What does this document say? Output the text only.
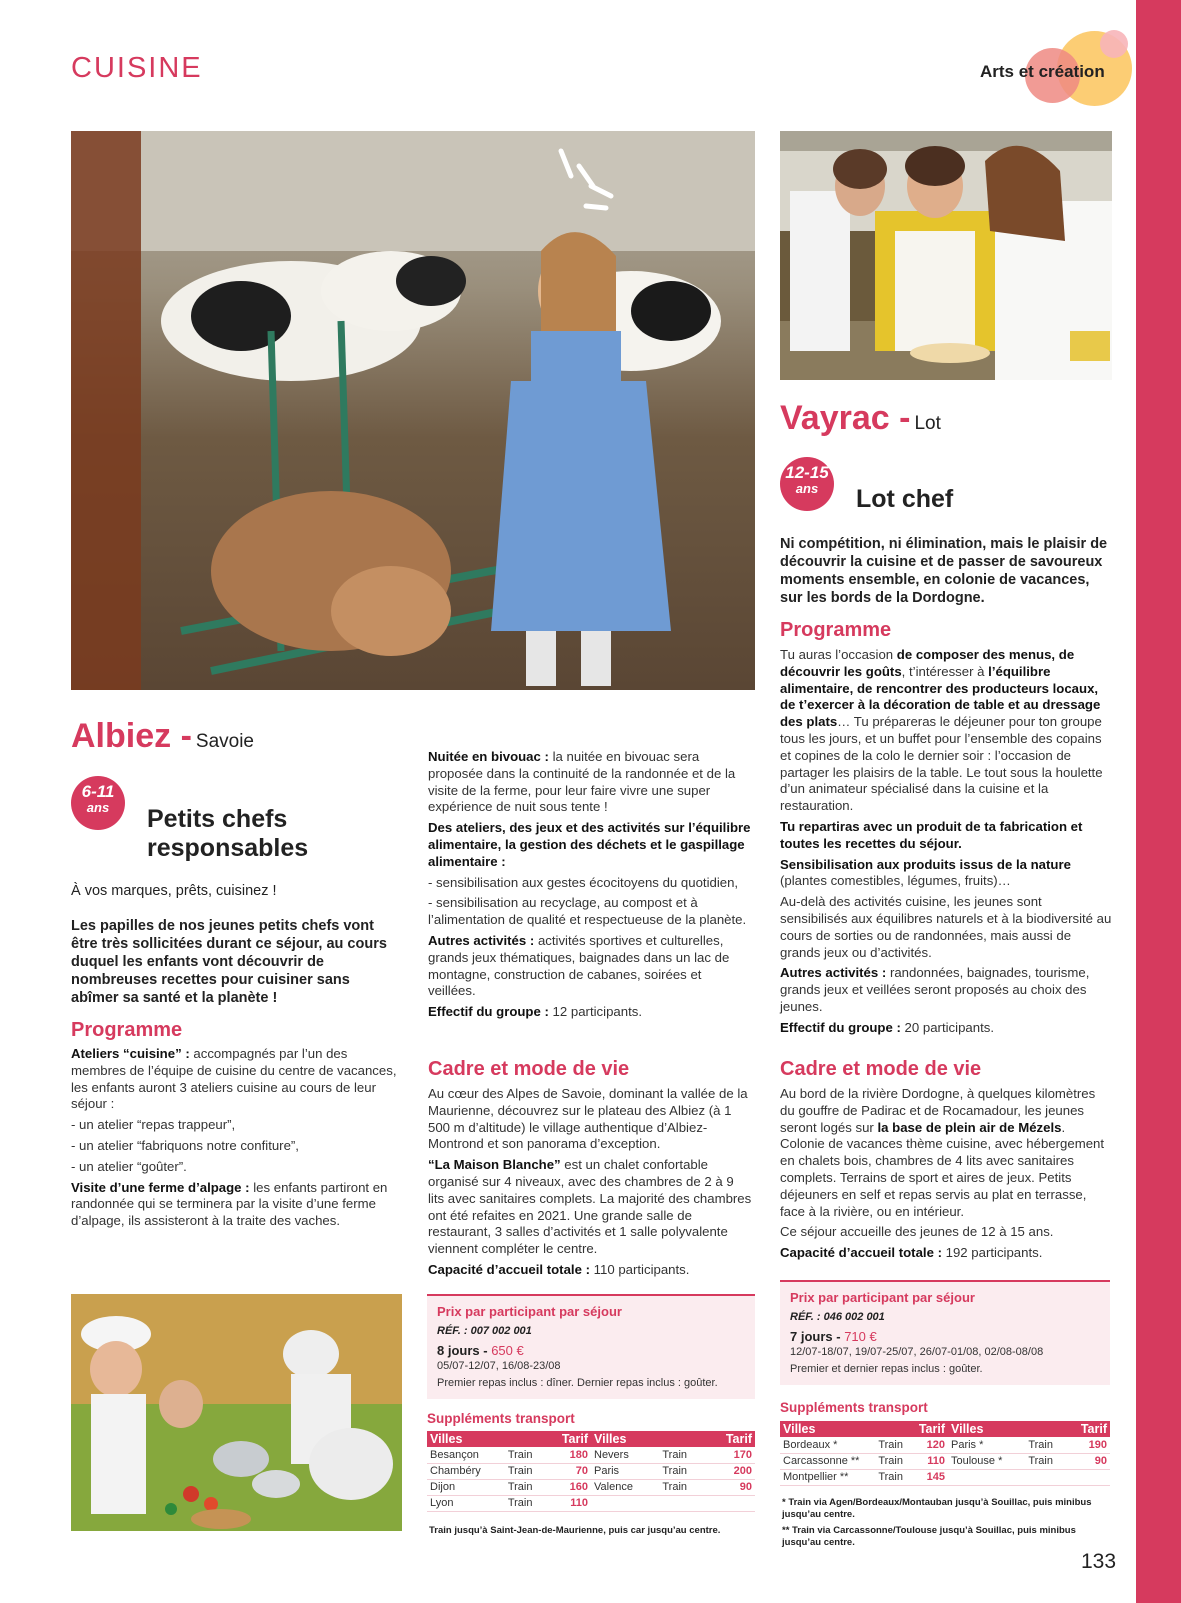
CUISINE	Arts et création
Albiez - Savoie
6-11
ans	Petits chefs
responsables
À vos marques, prêts, cuisinez !
Les papilles de nos jeunes petits chefs vont être très sollicitées durant ce séjour, au cours duquel les enfants vont découvrir de nombreuses recettes pour cuisiner sans abîmer sa santé et la planète !
Programme

Ateliers “cuisine” : accompagnés par l’un des membres de l’équipe de cuisine du centre de vacances, les enfants auront 3 ateliers cuisine au cours de leur séjour :

- un atelier “repas trappeur”,

- un atelier “fabriquons notre confiture”,

- un atelier “goûter”.

Visite d’une ferme d’alpage : les enfants partiront en randonnée qui se terminera par la visite d’une ferme d’alpage, ils assisteront à la traite des vaches.

Nuitée en bivouac : la nuitée en bivouac sera proposée dans la continuité de la randonnée et de la visite de la ferme, pour leur faire vivre une super expérience de nuit sous tente !

Des ateliers, des jeux et des activités sur l’équilibre alimentaire, la gestion des déchets et le gaspillage alimentaire :

- sensibilisation aux gestes écocitoyens du quotidien,

- sensibilisation au recyclage, au compost et à l’alimentation de qualité et respectueuse de la planète.

Autres activités : activités sportives et culturelles, grands jeux thématiques, baignades dans un lac de montagne, construction de cabanes, soirées et veillées.

Effectif du groupe : 12 participants.

Cadre et mode de vie

Au cœur des Alpes de Savoie, dominant la vallée de la Maurienne, découvrez sur le plateau des Albiez (à 1 500 m d’altitude) le village authentique d’Albiez-Montrond et son panorama d’exception.

“La Maison Blanche” est un chalet confortable organisé sur 4 niveaux, avec des chambres de 2 à 9 lits avec sanitaires complets. La majorité des chambres ont été refaites en 2021. Une grande salle de restaurant, 3 salles d’activités et 1 salle polyvalente viennent compléter le centre.

Capacité d’accueil totale : 110 participants.

Prix par participant par séjour
RÉF. : 007 002 001
8 jours - 650 €
05/07-12/07, 16/08-23/08
Premier repas inclus : dîner. Dernier repas inclus : goûter.
Suppléments transport
Villes		Tarif
Besançon	Train	180
Chambéry	Train	70
Dijon	Train	160
Lyon	Train	110
Villes		Tarif
Nevers	Train	170
Paris	Train	200
Valence	Train	90

Train jusqu’à Saint-Jean-de-Maurienne, puis car jusqu’au centre.
Vayrac - Lot
12-15
ans	Lot chef
Ni compétition, ni élimination, mais le plaisir de découvrir la cuisine et de passer de savoureux moments ensemble, en colonie de vacances, sur les bords de la Dordogne.
Programme

Tu auras l’occasion de composer des menus, de découvrir les goûts, t’intéresser à l’équilibre alimentaire, de rencontrer des producteurs locaux, de t’exercer à la décoration de table et au dressage des plats… Tu prépareras le déjeuner pour ton groupe tous les jours, et un buffet pour l’ensemble des copains et copines de la colo le dernier soir : l’occasion de partager les plaisirs de la table. Le tout sous la houlette d’un animateur spécialisé dans la cuisine et la restauration.

Tu repartiras avec un produit de ta fabrication et toutes les recettes du séjour.

Sensibilisation aux produits issus de la nature (plantes comestibles, légumes, fruits)…

Au-delà des activités cuisine, les jeunes sont sensibilisés aux équilibres naturels et à la biodiversité au cours de sorties ou de randonnées, mais aussi de grands jeux ou d’activités.

Autres activités : randonnées, baignades, tourisme, grands jeux et veillées seront proposés au choix des jeunes.

Effectif du groupe : 20 participants.

Cadre et mode de vie

Au bord de la rivière Dordogne, à quelques kilomètres du gouffre de Padirac et de Rocamadour, les jeunes seront logés sur la base de plein air de Mézels. Colonie de vacances thème cuisine, avec hébergement en chalets bois, chambres de 4 lits avec sanitaires complets. Terrains de sport et aires de jeux. Petits déjeuners en self et repas servis au plat en terrasse, face à la rivière, ou en intérieur.

Ce séjour accueille des jeunes de 12 à 15 ans.

Capacité d’accueil totale : 192 participants.

Prix par participant par séjour
RÉF. : 046 002 001
7 jours - 710 €
12/07-18/07, 19/07-25/07, 26/07-01/08, 02/08-08/08
Premier et dernier repas inclus : goûter.
Suppléments transport
Villes		Tarif
Bordeaux *	Train	120
Carcassonne **	Train	110
Montpellier **	Train	145
Villes		Tarif
Paris *	Train	190
Toulouse *	Train	90

* Train via Agen/Bordeaux/Montauban jusqu’à Souillac, puis minibus jusqu’au centre.
** Train via Carcassonne/Toulouse jusqu’à Souillac, puis minibus jusqu’au centre.
133
